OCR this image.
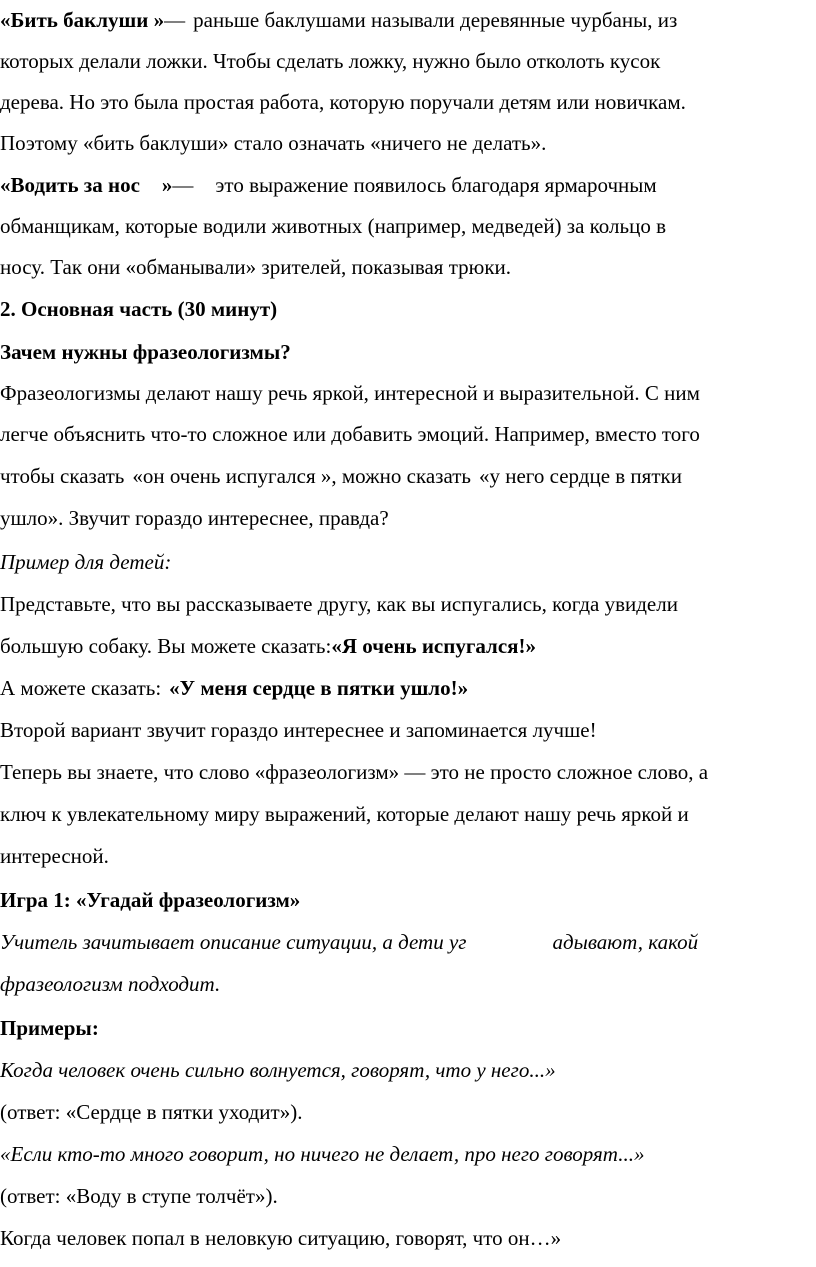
«Бить баклуши »— раньше баклушами называли деревянные чурбаны, из
которых делали ложки. Чтобы сделать ложку, нужно было отколоть кусок
дерева. Но это была простая работа, которую поручали детям или новичкам.
Поэтому «бить баклуши» стало означать «ничего не делать».
«Водить за нос »— это выражение появилось благодаря ярмарочным
обманщикам, которые водили животных (например, медведей) за кольцо в
носу. Так они «обманывали» зрителей, показывая трюки.
2. Основная часть (30 минут)
Зачем нужны фразеологизмы?
Фразеологизмы делают нашу речь яркой, интересной и выразительной. С ним
легче объяснить что-то сложное или добавить эмоций. Например, вместо того
чтобы сказать «он очень испугался », можно сказать «у него сердце в пятки
ушло». Звучит гораздо интереснее, правда?
Пример для детей:
Представьте, что вы рассказываете другу, как вы испугались, когда увидели
большую собаку. Вы можете сказать:«Я очень испугался!»
А можете сказать: «У меня сердце в пятки ушло!»
Второй вариант звучит гораздо интереснее и запоминается лучше!
Теперь вы знаете, что слово «фразеологизм» — это не просто сложное слово, а
ключ к увлекательному миру выражений, которые делают нашу речь яркой и
интересной.
Игра 1: «Угадай фразеологизм»
Учитель зачитывает описание ситуации, а дети уг	адывают, какой
фразеологизм подходит.
Примеры:
Когда человек очень сильно волнуется, говорят, что у него...»
(ответ: «Сердце в пятки уходит»).
«Если кто-то много говорит, но ничего не делает, про него говорят...»
(ответ: «Воду в ступе толчёт»).
Когда человек попал в неловкую ситуацию, говорят, что он…»
